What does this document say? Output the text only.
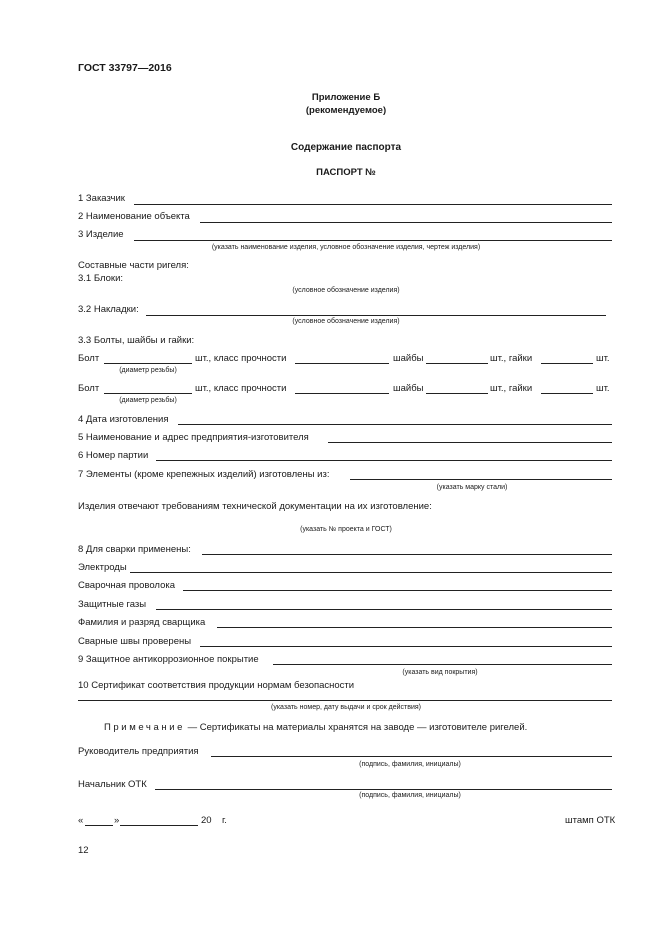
ГОСТ 33797—2016
Приложение Б
(рекомендуемое)
Содержание паспорта
ПАСПОРТ №
1 Заказчик
2 Наименование объекта
3 Изделие
(указать наименование изделия, условное обозначение изделия, чертеж изделия)
Составные части ригеля:
3.1 Блоки:
(условное обозначение изделия)
3.2 Накладки:
(условное обозначение изделия)
3.3 Болты, шайбы и гайки:
Болт	шт., класс прочности	шайбы	шт., гайки	шт.
(диаметр резьбы)
Болт	шт., класс прочности	шайбы	шт., гайки	шт.
(диаметр резьбы)
4 Дата изготовления
5 Наименование и адрес предприятия-изготовителя
6 Номер партии
7 Элементы (кроме крепежных изделий) изготовлены из:
(указать марку стали)
Изделия отвечают требованиям технической документации на их изготовление:
(указать № проекта и ГОСТ)
8 Для сварки применены:
Электроды
Сварочная проволока
Защитные газы
Фамилия и разряд сварщика
Сварные швы проверены
9 Защитное антикоррозионное покрытие
(указать вид покрытия)
10 Сертификат соответствия продукции нормам безопасности
(указать номер, дату выдачи и срок действия)
Примечание — Сертификаты на материалы хранятся на заводе — изготовителе ригелей.
Руководитель предприятия
(подпись, фамилия, инициалы)
Начальник ОТК
(подпись, фамилия, инициалы)
«	»	20 г.	штамп ОТК
12
